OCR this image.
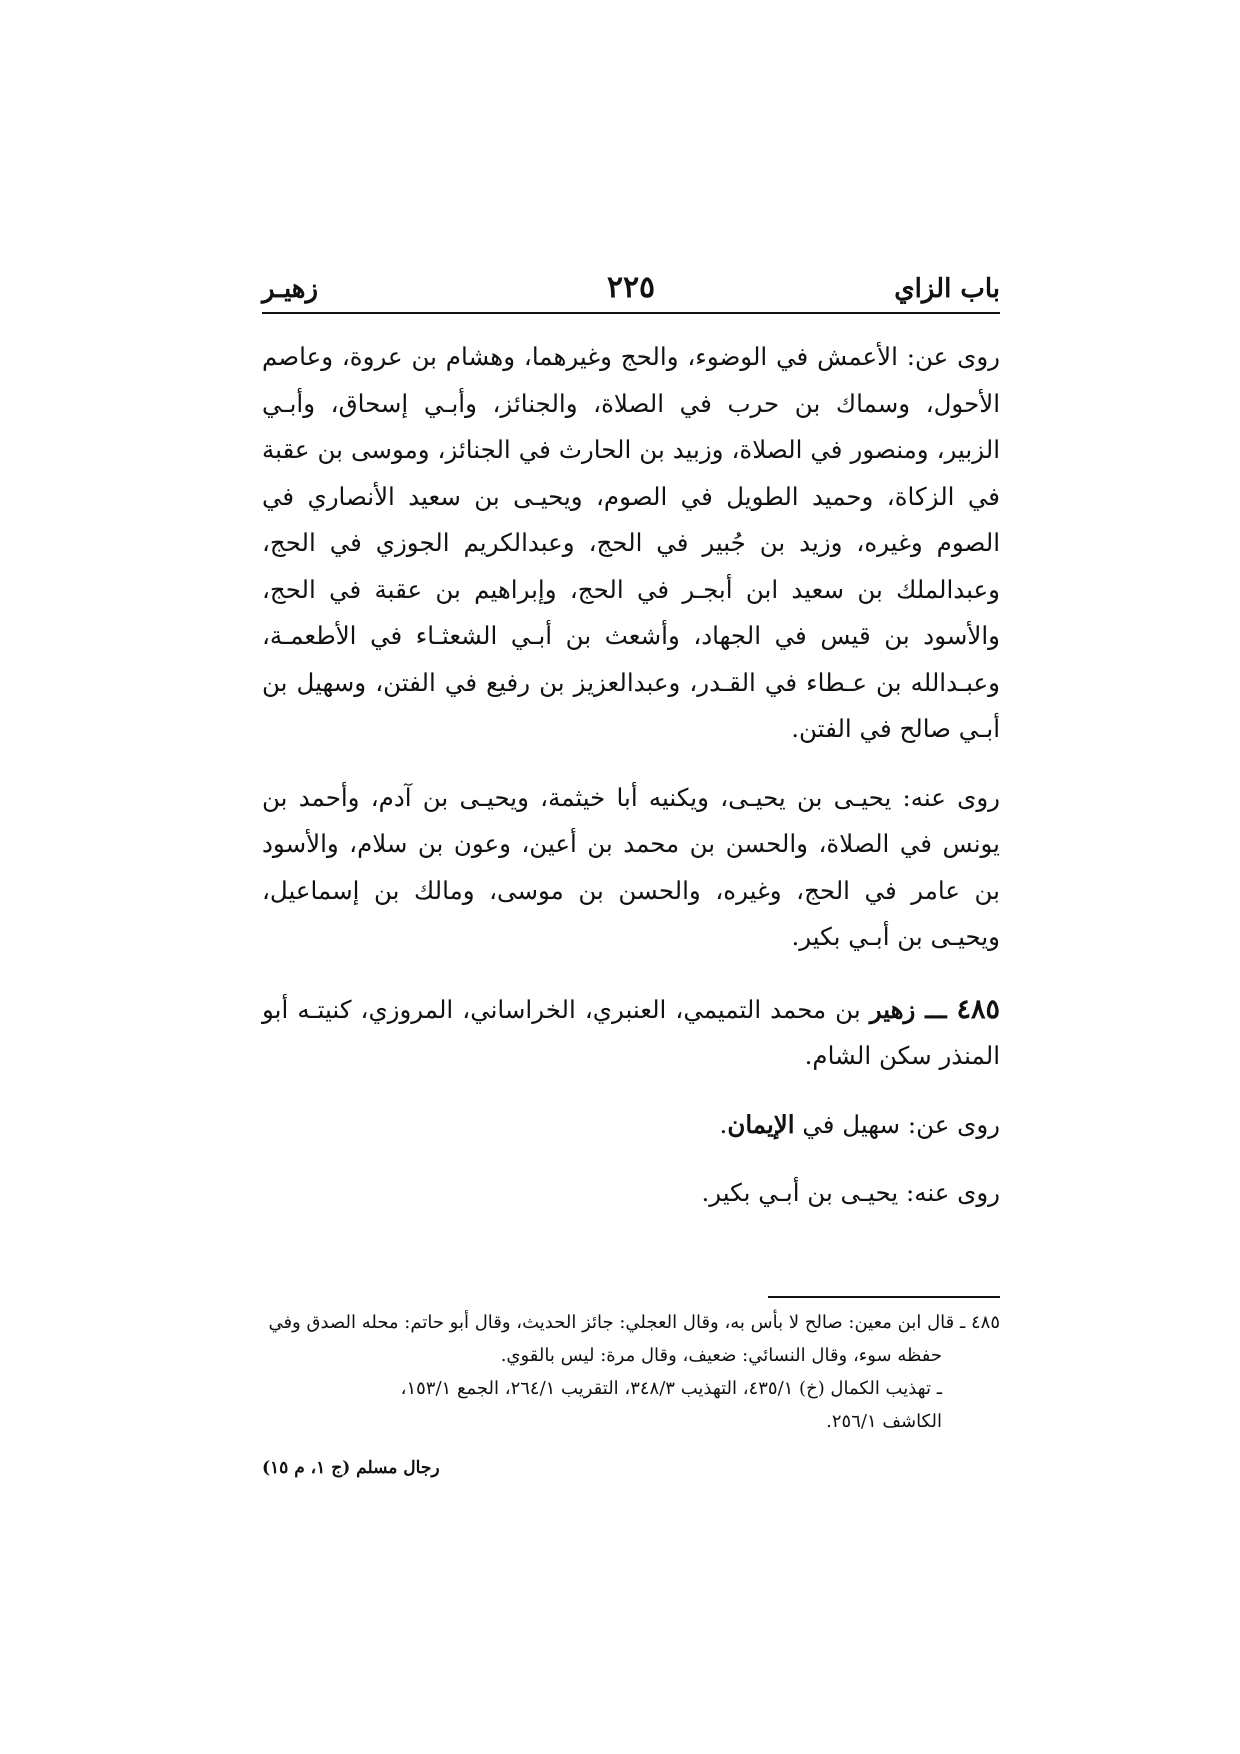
باب الزاي
٢٢٥
زهيـر

روى عن: الأعمش في الوضوء، والحج وغيرهما، وهشام بن عروة، وعاصم الأحول، وسماك بن حرب في الصلاة، والجنائز، وأبـي إسحاق، وأبـي الزبير، ومنصور في الصلاة، وزبيد بن الحارث في الجنائز، وموسى بن عقبة في الزكاة، وحميد الطويل في الصوم، ويحيـى بن سعيد الأنصاري في الصوم وغيره، وزيد بن جُبير في الحج، وعبدالكريم الجوزي في الحج، وعبدالملك بن سعيد ابن أبجـر في الحج، وإبراهيم بن عقبة في الحج، والأسود بن قيس في الجهاد، وأشعث بن أبـي الشعثـاء في الأطعمـة، وعبـدالله بن عـطاء في القـدر، وعبدالعزيز بن رفيع في الفتن، وسهيل بن أبـي صالح في الفتن.

روى عنه: يحيـى بن يحيـى، ويكنيه أبا خيثمة، ويحيـى بن آدم، وأحمد بن يونس في الصلاة، والحسن بن محمد بن أعين، وعون بن سلام، والأسود بن عامر في الحج، وغيره، والحسن بن موسى، ومالك بن إسماعيل، ويحيـى بن أبـي بكير.

٤٨٥ ـــ زهير بن محمد التميمي، العنبري، الخراساني، المروزي، كنيتـه أبو المنذر سكن الشام.

روى عن: سهيل في الإيمان.

روى عنه: يحيـى بن أبـي بكير.

٤٨٥ ـ قال ابن معين: صالح لا بأس به، وقال العجلي: جائز الحديث، وقال أبو حاتم: محله الصدق وفي

حفظه سوء، وقال النسائي: ضعيف، وقال مرة: ليس بالقوي.

ـ تهذيب الكمال (خ) ٤٣٥/١، التهذيب ٣٤٨/٣، التقريب ٢٦٤/١، الجمع ١٥٣/١،

الكاشف ٢٥٦/١.

رجال مسلم (ج ١، م ١٥)
